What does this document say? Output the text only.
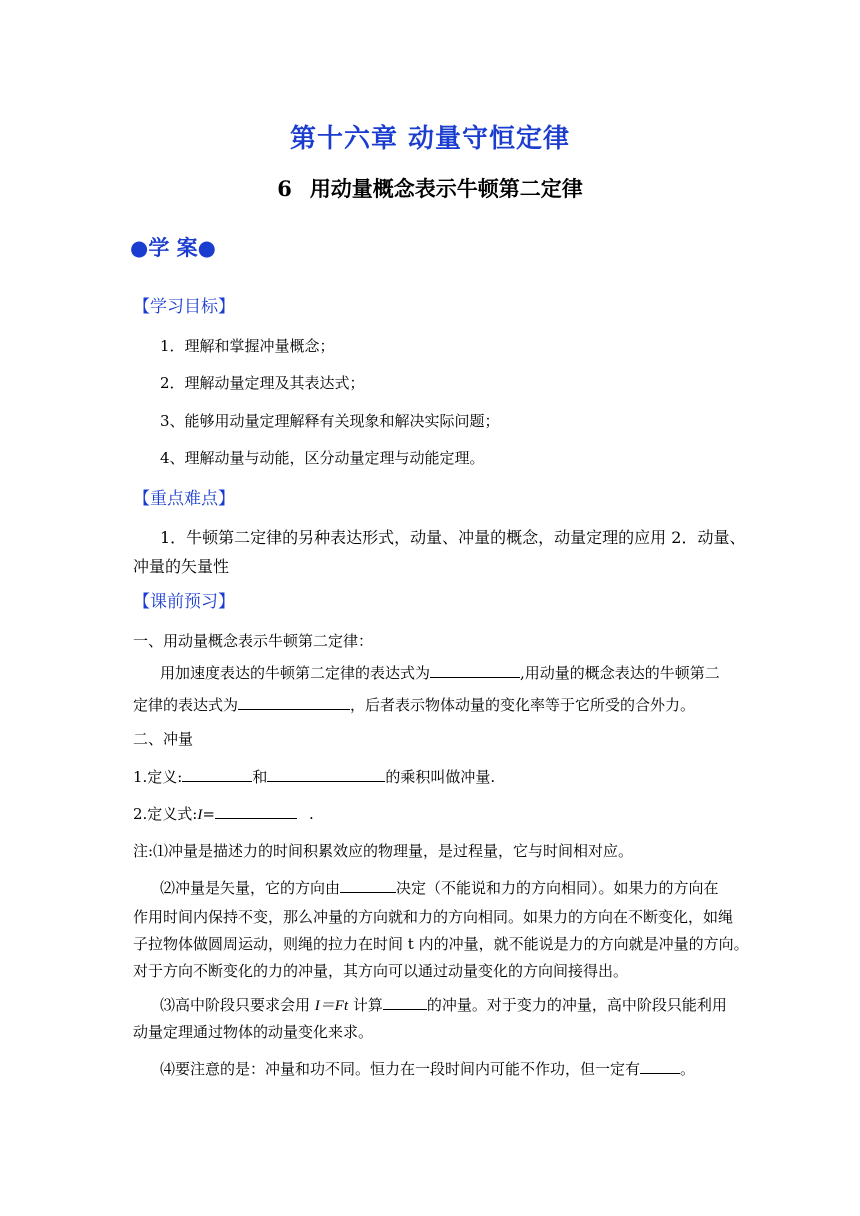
第十六章 动量守恒定律
6 用动量概念表示牛顿第二定律
●学 案●
【学习目标】
1．理解和掌握冲量概念；
2．理解动量定理及其表达式；
3、能够用动量定理解释有关现象和解决实际问题；
4、理解动量与动能，区分动量定理与动能定理。
【重点难点】
1．牛顿第二定律的另种表达形式，动量、冲量的概念，动量定理的应用 2．动量、
冲量的矢量性
【课前预习】
一、用动量概念表示牛顿第二定律：
用加速度表达的牛顿第二定律的表达式为	,用动量的概念表达的牛顿第二
定律的表达式为	，后者表示物体动量的变化率等于它所受的合外力。
二、冲量
1.定义:	和	的乘积叫做冲量.
2.定义式:I=	.
注:⑴冲量是描述力的时间积累效应的物理量，是过程量，它与时间相对应。
⑵冲量是矢量，它的方向由	决定（不能说和力的方向相同）。如果力的方向在
作用时间内保持不变，那么冲量的方向就和力的方向相同。如果力的方向在不断变化，如绳
子拉物体做圆周运动，则绳的拉力在时间 t 内的冲量，就不能说是力的方向就是冲量的方向。
对于方向不断变化的力的冲量，其方向可以通过动量变化的方向间接得出。
⑶高中阶段只要求会用 I＝Ft 计算	的冲量。对于变力的冲量，高中阶段只能利用
动量定理通过物体的动量变化来求。
⑷要注意的是：冲量和功不同。恒力在一段时间内可能不作功，但一定有	。
